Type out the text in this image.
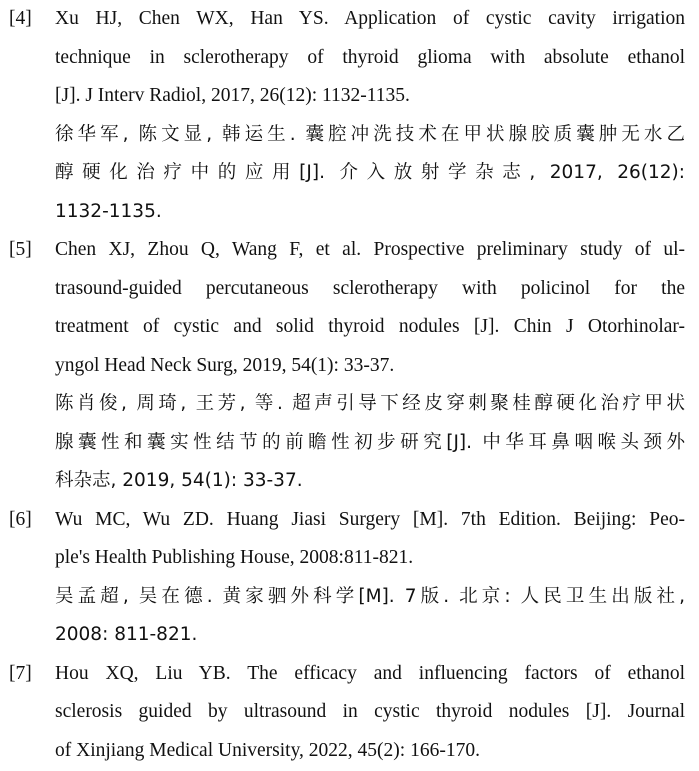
[4] Xu HJ, Chen WX, Han YS. Application of cystic cavity irrigation
technique in sclerotherapy of thyroid glioma with absolute ethanol
[J]. J Interv Radiol, 2017, 26(12): 1132-1135.
徐华军, 陈文显, 韩运生. 囊腔冲洗技术在甲状腺胶质囊肿无水乙
醇硬化治疗中的应用[J]. 介入放射学杂志, 2017, 26(12):
1132-1135.
[5] Chen XJ, Zhou Q, Wang F, et al. Prospective preliminary study of ul-
trasound-guided percutaneous sclerotherapy with policinol for the
treatment of cystic and solid thyroid nodules [J]. Chin J Otorhinolar-
yngol Head Neck Surg, 2019, 54(1): 33-37.
陈肖俊, 周琦, 王芳, 等. 超声引导下经皮穿刺聚桂醇硬化治疗甲状
腺囊性和囊实性结节的前瞻性初步研究[J]. 中华耳鼻咽喉头颈外
科杂志, 2019, 54(1): 33-37.
[6] Wu MC, Wu ZD. Huang Jiasi Surgery [M]. 7th Edition. Beijing: Peo-
ple's Health Publishing House, 2008:811-821.
吴孟超, 吴在德. 黄家驷外科学[M]. 7版. 北京: 人民卫生出版社,
2008: 811-821.
[7] Hou XQ, Liu YB. The efficacy and influencing factors of ethanol
sclerosis guided by ultrasound in cystic thyroid nodules [J]. Journal
of Xinjiang Medical University, 2022, 45(2): 166-170.
